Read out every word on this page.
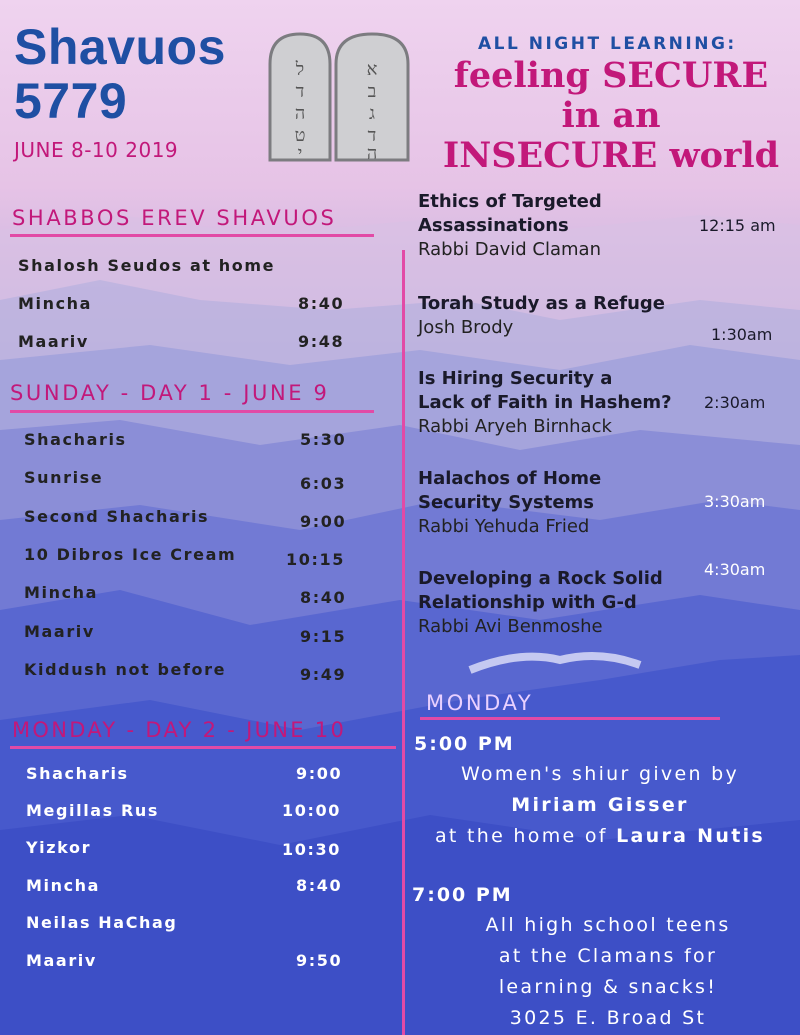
Shavuos
5779
JUNE 8-10 2019
ל
ד
ה
ט
י
א
ב
ג
ד
ה
ALL NIGHT LEARNING:
feeling SECURE
in an
INSECURE world
SHABBOS EREV SHAVUOS
Shalosh Seudos at home
Mincha	8:40
Maariv	9:48
SUNDAY - DAY 1 - JUNE 9
Shacharis	5:30
Sunrise	6:03
Second Shacharis	9:00
10 Dibros Ice Cream	10:15
Mincha	8:40
Maariv	9:15
Kiddush not before	9:49
MONDAY - DAY 2 - JUNE 10
Shacharis	9:00
Megillas Rus	10:00
Yizkor	10:30
Mincha	8:40
Neilas HaChag
Maariv	9:50
Ethics of Targeted
Assassinations
Rabbi David Claman
12:15 am
Torah Study as a Refuge
Josh Brody	1:30am
Is Hiring Security a
Lack of Faith in Hashem?
Rabbi Aryeh Birnhack
2:30am
Halachos of Home
Security Systems
Rabbi Yehuda Fried
3:30am
Developing a Rock Solid
Relationship with G-d
Rabbi Avi Benmoshe
4:30am
MONDAY
5:00 PM
Women's shiur given by
Miriam Gisser
at the home of Laura Nutis
7:00 PM
All high school teens
at the Clamans for
learning & snacks!
3025 E. Broad St
